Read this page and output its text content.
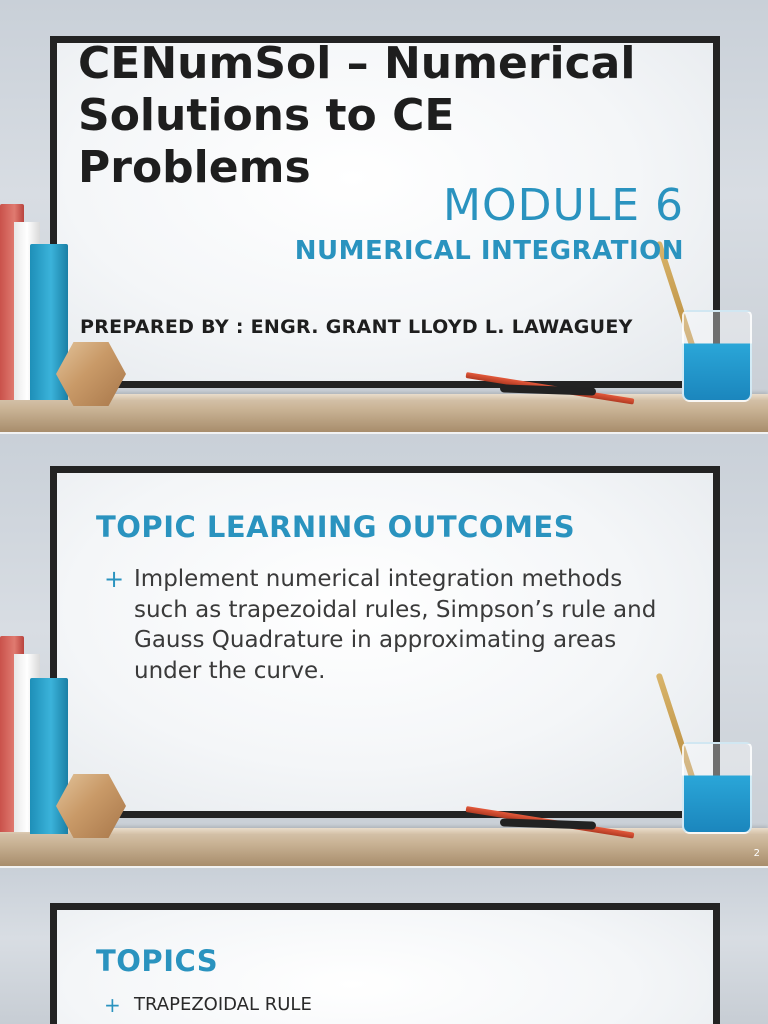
CENumSol – Numerical Solutions to CE Problems
MODULE 6
NUMERICAL INTEGRATION
PREPARED BY : ENGR. GRANT LLOYD L. LAWAGUEY
TOPIC LEARNING OUTCOMES
+ Implement numerical integration methods such as trapezoidal rules, Simpson’s rule and Gauss Quadrature in approximating areas under the curve.
2
TOPICS
+ TRAPEZOIDAL RULE
